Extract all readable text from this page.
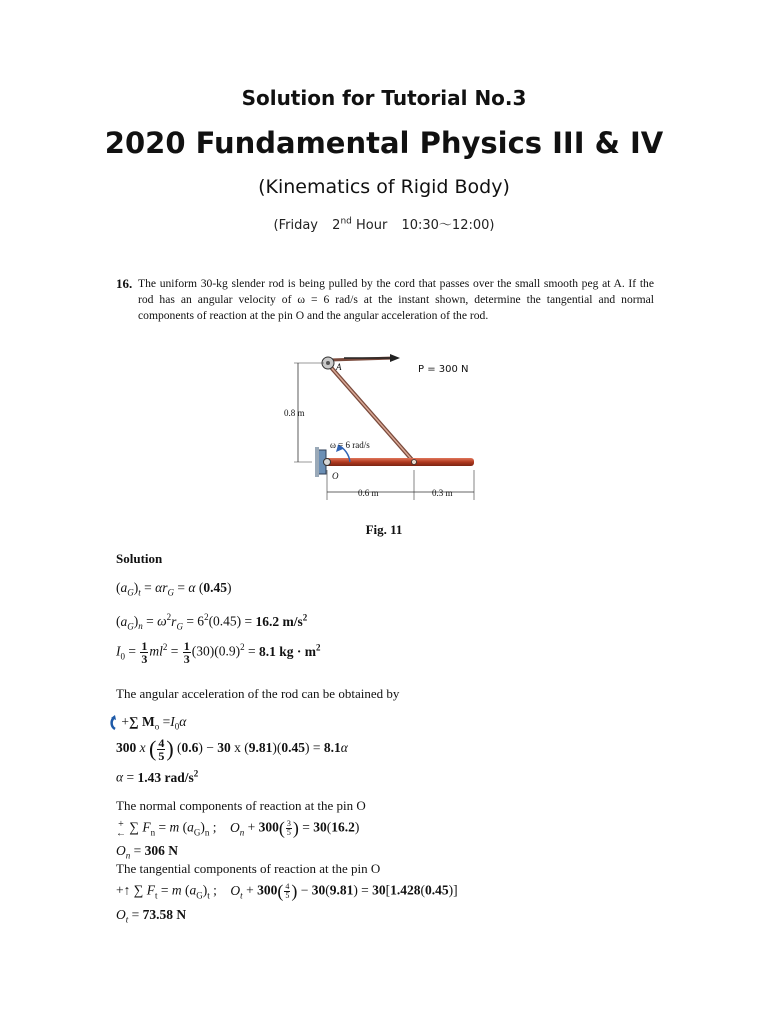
Solution for Tutorial No.3
2020 Fundamental Physics III & IV
(Kinematics of Rigid Body)
(Friday 2nd Hour 10:30～12:00)
16. The uniform 30-kg slender rod is being pulled by the cord that passes over the small smooth peg at A. If the rod has an angular velocity of ω = 6 rad/s at the instant shown, determine the tangential and normal components of reaction at the pin O and the angular acceleration of the rod.
P = 300 N
A
0.8 m
ω = 6 rad/s
O
0.6 m	0.3 m
Fig. 11
Solution
$(a_G)_t = \alpha r_G = \alpha$ (0.45)
$(a_G)_n = \omega^2r_G = 6^2(0.45) = 16.2$ $m/s^2$
$I_0 = \frac{1}{3} ml^2 = \frac{1}{3} (30)(0.9)^2 = 8.1$ kg · $m^2$
The angular acceleration of the rod can be obtained by
+∑ $M_o =I_0\alpha$
300 x ( $\frac{4}{5}$ ) (0.6) − 30 x (9.81)(0.45) = 8.1α
α = 1.43 rad/$s^2$
The normal components of reaction at the pin O
+
← ∑ $F_n = m$ $(a_G)_n$ ;    $O_n + 300( \frac{3}{5}$ ) = 30(16.2)
$O_n = 306$ N
The tangential components of reaction at the pin O
+↑ ∑ $F_t = m$ $(a_G)_t$ ;    $O_t + 300( \frac{4}{5}$ ) − 30(9.81) = 30[1.428(0.45)]
$O_t = 73.58$ N
